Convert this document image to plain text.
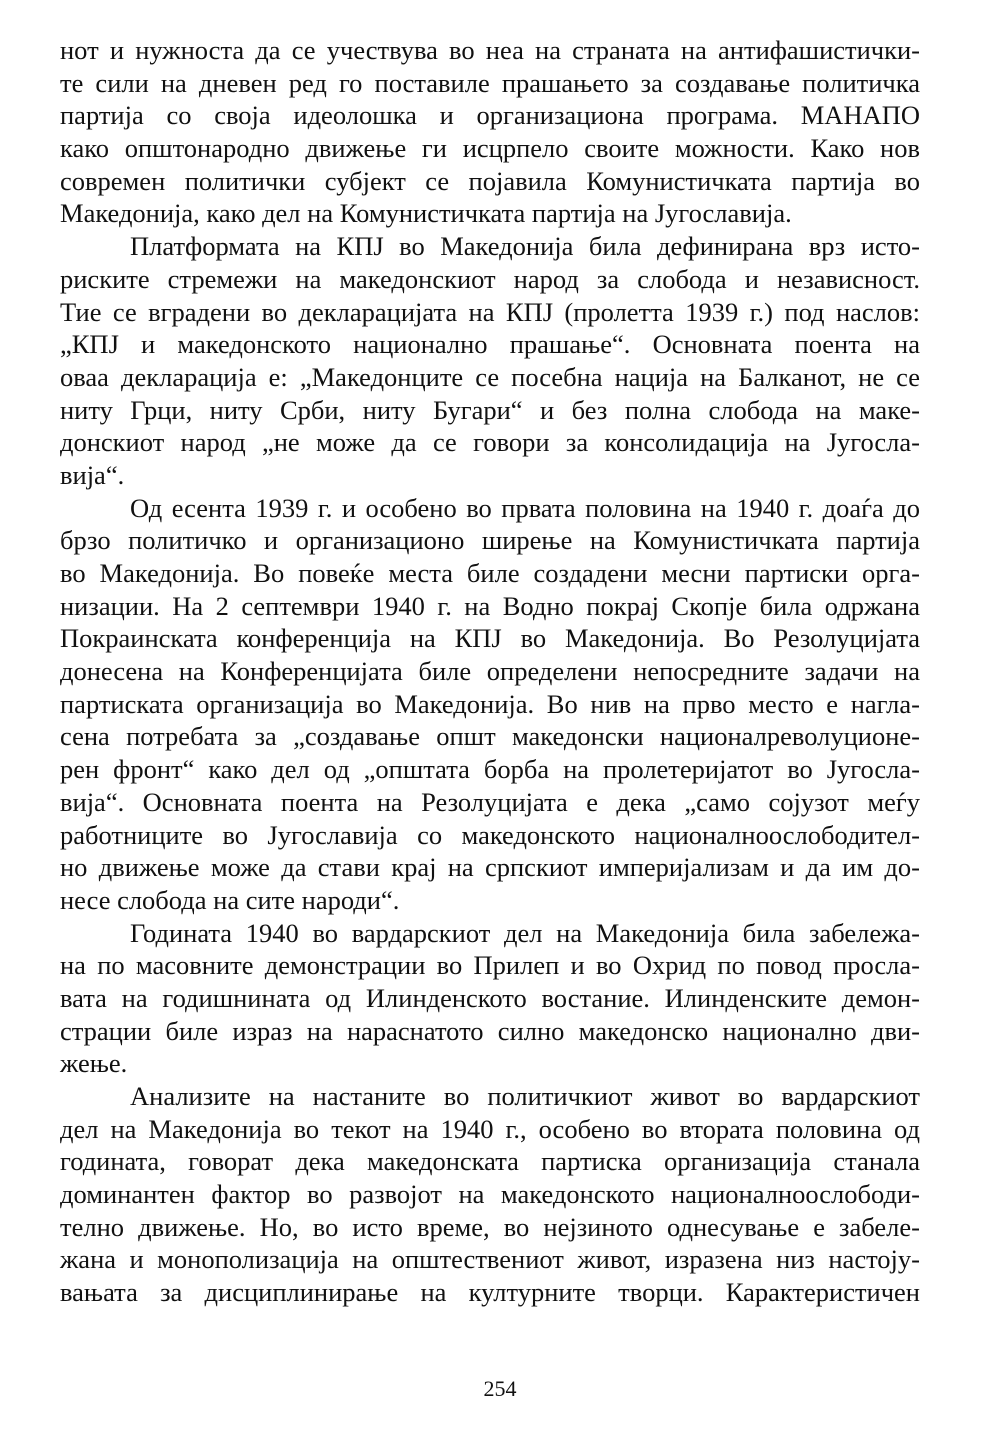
нот и нужноста да се учествува во неа на страната на антифашистички-
те сили на дневен ред го поставиле прашањето за создавање политичка
партија со своја идеолошка и организациона програма. МАНАПО
како општонародно движење ги исцрпело своите можности. Како нов
современ политички субјект се појавила Комунистичката партија во
Македонија, како дел на Комунистичката партија на Југославија.
Платформата на КПЈ во Македонија била дефинирана врз исто-
риските стремежи на македонскиот народ за слобода и независност.
Тие се вградени во декларацијата на КПЈ (пролетта 1939 г.) под наслов:
„КПЈ и македонското национално прашање“. Основната поента на
оваа декларација е: „Македонците се посебна нација на Балканот, не се
ниту Грци, ниту Срби, ниту Бугари“ и без полна слобода на маке-
донскиот народ „не може да се говори за консолидација на Југосла-
вија“.
Од есента 1939 г. и особено во првата половина на 1940 г. доаѓа до
брзо политичко и организационо ширење на Комунистичката партија
во Македонија. Во повеќе места биле создадени месни партиски орга-
низации. На 2 септември 1940 г. на Водно покрај Скопје била одржана
Покраинската конференција на КПЈ во Македонија. Во Резолуцијата
донесена на Конференцијата биле определени непосредните задачи на
партиската организација во Македонија. Во нив на прво место е нагла-
сена потребата за „создавање општ македонски националреволуционе-
рен фронт“ како дел од „општата борба на пролетеријатот во Југосла-
вија“. Основната поента на Резолуцијата е дека „само сојузот меѓу
работниците во Југославија со македонското националноослободител-
но движење може да стави крај на српскиот империјализам и да им до-
несе слобода на сите народи“.
Годината 1940 во вардарскиот дел на Македонија била забележа-
на по масовните демонстрации во Прилеп и во Охрид по повод просла-
вата на годишнината од Илинденското востание. Илинденските демон-
страции биле израз на нараснатото силно македонско национално дви-
жење.
Анализите на настаните во политичкиот живот во вардарскиот
дел на Македонија во текот на 1940 г., особено во втората половина од
годината, говорат дека македонската партиска организација станала
доминантен фактор во развојот на македонското националноослободи-
телно движење. Но, во исто време, во нејзиното однесување е забеле-
жана и монополизација на општествениот живот, изразена низ настоју-
вањата за дисциплинирање на културните творци. Карактеристичен
254
